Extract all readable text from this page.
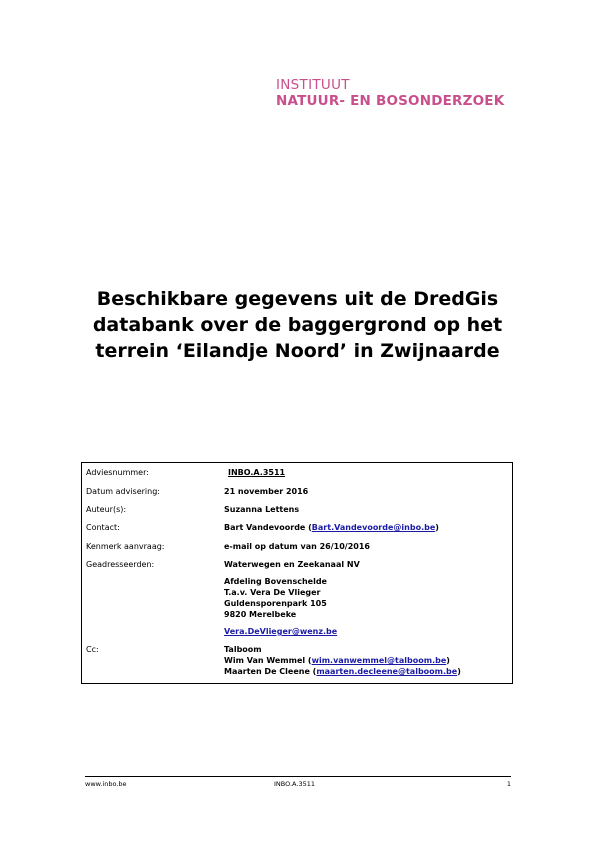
INSTITUUT
NATUUR- EN BOSONDERZOEK
Beschikbare gegevens uit de DredGis
databank over de baggergrond op het
terrein ‘Eilandje Noord’ in Zwijnaarde
Adviesnummer:	INBO.A.3511
Datum advisering:	21 november 2016
Auteur(s):	Suzanna Lettens
Contact:	Bart Vandevoorde (Bart.Vandevoorde@inbo.be)
Kenmerk aanvraag:	e-mail op datum van 26/10/2016
Geadresseerden:	Waterwegen en Zeekanaal NV
Afdeling Bovenschelde
T.a.v. Vera De Vlieger
Guldensporenpark 105
9820 Merelbeke
Vera.DeVlieger@wenz.be
Cc:	Talboom
Wim Van Wemmel (wim.vanwemmel@talboom.be)
Maarten De Cleene (maarten.decleene@talboom.be)
www.inbo.be	INBO.A.3511	1
